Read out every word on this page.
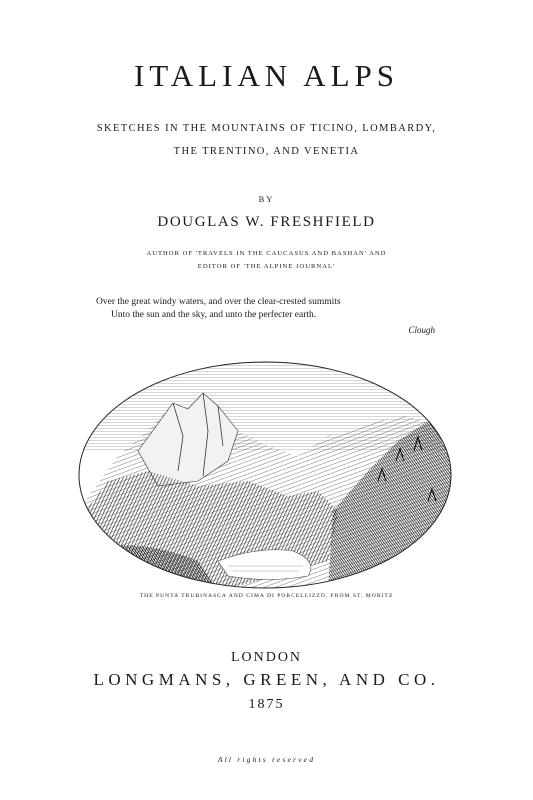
ITALIAN ALPS
SKETCHES IN THE MOUNTAINS OF TICINO, LOMBARDY,
THE TRENTINO, AND VENETIA
BY
DOUGLAS W. FRESHFIELD
AUTHOR OF 'TRAVELS IN THE CAUCASUS AND BASHAN' AND
EDITOR OF 'THE ALPINE JOURNAL'
Over the great windy waters, and over the clear-crested summits
Unto the sun and the sky, and unto the perfecter earth.
Clough
THE PUNTA TRUBINASCA AND CIMA DI PORCELLIZZO, FROM ST. MORITZ
LONDON
LONGMANS, GREEN, AND CO.
1875
All rights reserved
